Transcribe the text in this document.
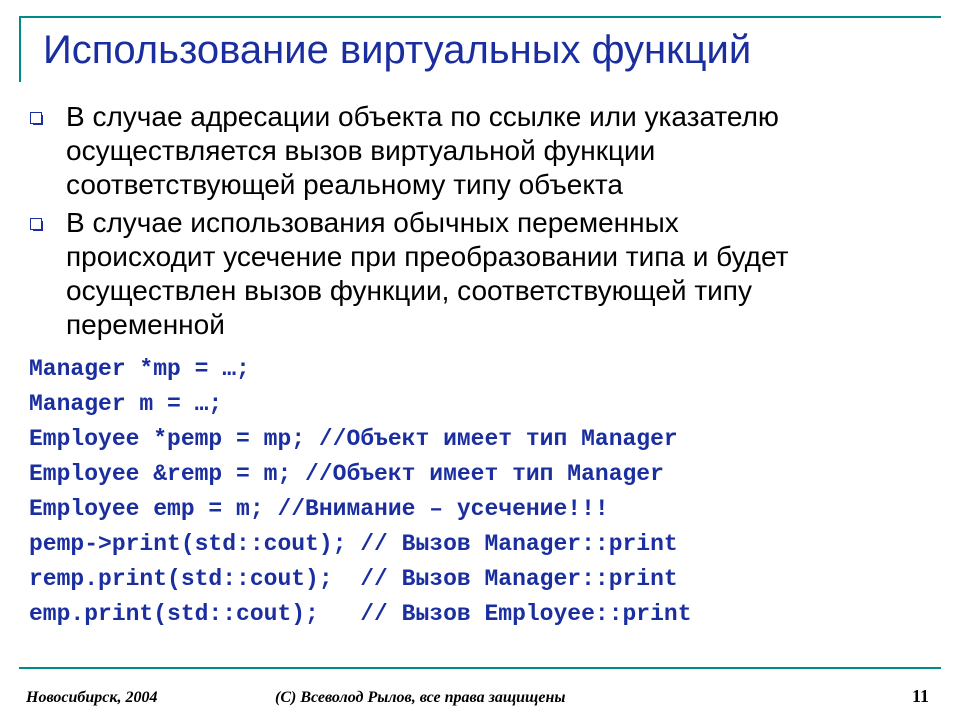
Использование виртуальных функций
В случае адресации объекта по ссылке или указателю
осуществляется вызов виртуальной функции
соответствующей реальному типу объекта
В случае использования обычных переменных
происходит усечение при преобразовании типа и будет
осуществлен вызов функции, соответствующей типу
переменной
Manager *mp = …;
Manager m = …;
Employee *pemp = mp; //Объект имеет тип Manager
Employee &remp = m; //Объект имеет тип Manager
Employee emp = m; //Внимание – усечение!!!
pemp->print(std::cout); // Вызов Manager::print
remp.print(std::cout);  // Вызов Manager::print
emp.print(std::cout);   // Вызов Employee::print
Новосибирск, 2004	(C) Всеволод Рылов, все права защищены	11
